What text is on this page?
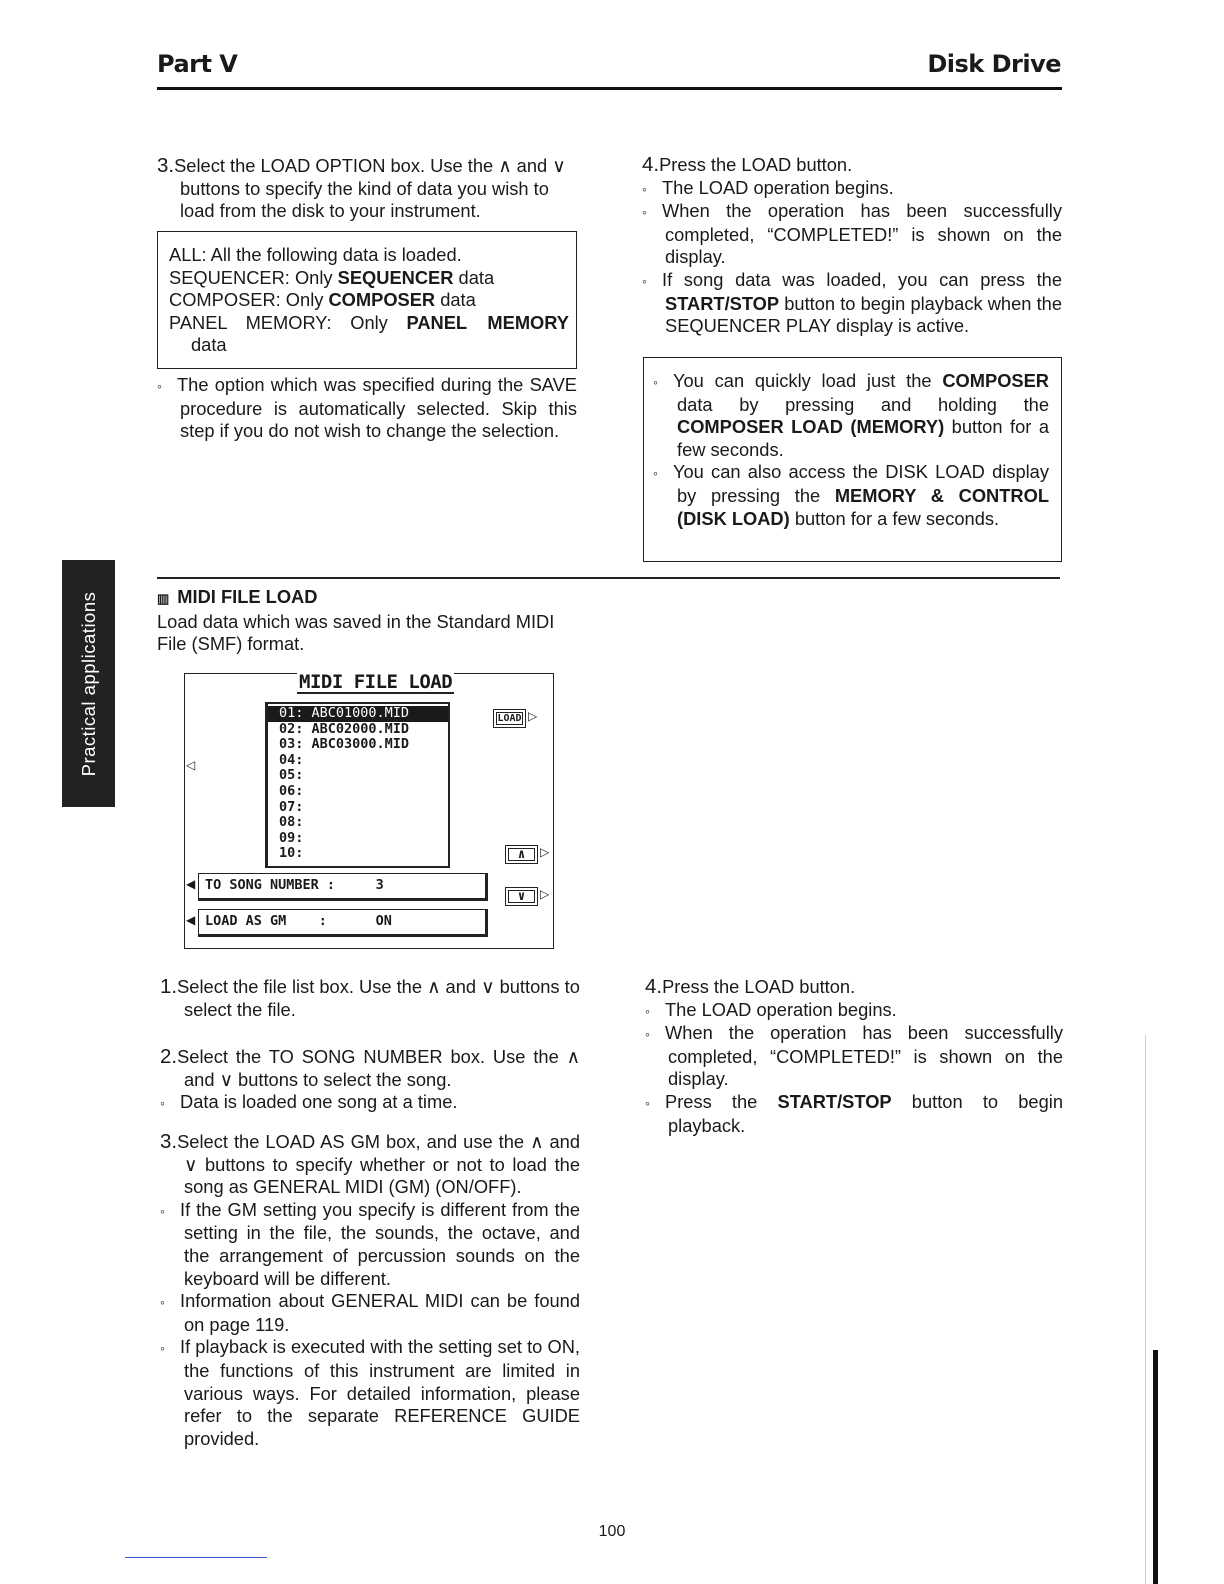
Part V	Disk Drive
Practical applications

3.Select the LOAD OPTION box. Use the ∧ and ∨ buttons to specify the kind of data you wish to load from the disk to your instrument.

ALL: All the following data is loaded.

SEQUENCER: Only SEQUENCER data

COMPOSER: Only COMPOSER data

PANEL MEMORY: Only PANEL MEMORY data

◦ The option which was specified during the SAVE procedure is automatically selected. Skip this step if you do not wish to change the selection.

4.Press the LOAD button.

◦ The LOAD operation begins.

◦ When the operation has been successfully completed, “COMPLETED!” is shown on the display.

◦ If song data was loaded, you can press the START/STOP button to begin playback when the SEQUENCER PLAY display is active.

◦ You can quickly load just the COMPOSER data by pressing and holding the COMPOSER LOAD (MEMORY) button for a few seconds.

◦ You can also access the DISK LOAD display by pressing the MEMORY & CONTROL (DISK LOAD) button for a few seconds.

▥ MIDI FILE LOAD

Load data which was saved in the Standard MIDI File (SMF) format.

MIDI FILE LOAD
01: ABC01000.MID
02: ABC02000.MID
03: ABC03000.MID
04:
05:
06:
07:
08:
09:
10:
◁
LOAD ▷
∧	▷
∨	▷
◀ TO SONG NUMBER :     3
◀ LOAD AS GM    :      ON

1.Select the file list box. Use the ∧ and ∨ buttons to select the file.

2.Select the TO SONG NUMBER box. Use the ∧ and ∨ buttons to select the song.

◦ Data is loaded one song at a time.

3.Select the LOAD AS GM box, and use the ∧ and ∨ buttons to specify whether or not to load the song as GENERAL MIDI (GM) (ON/OFF).

◦ If the GM setting you specify is different from the setting in the file, the sounds, the octave, and the arrangement of percussion sounds on the keyboard will be different.

◦ Information about GENERAL MIDI can be found on page 119.

◦ If playback is executed with the setting set to ON, the functions of this instrument are limited in various ways. For detailed information, please refer to the separate REFERENCE GUIDE provided.

4.Press the LOAD button.

◦ The LOAD operation begins.

◦ When the operation has been successfully completed, “COMPLETED!” is shown on the display.

◦ Press the START/STOP button to begin playback.

100
